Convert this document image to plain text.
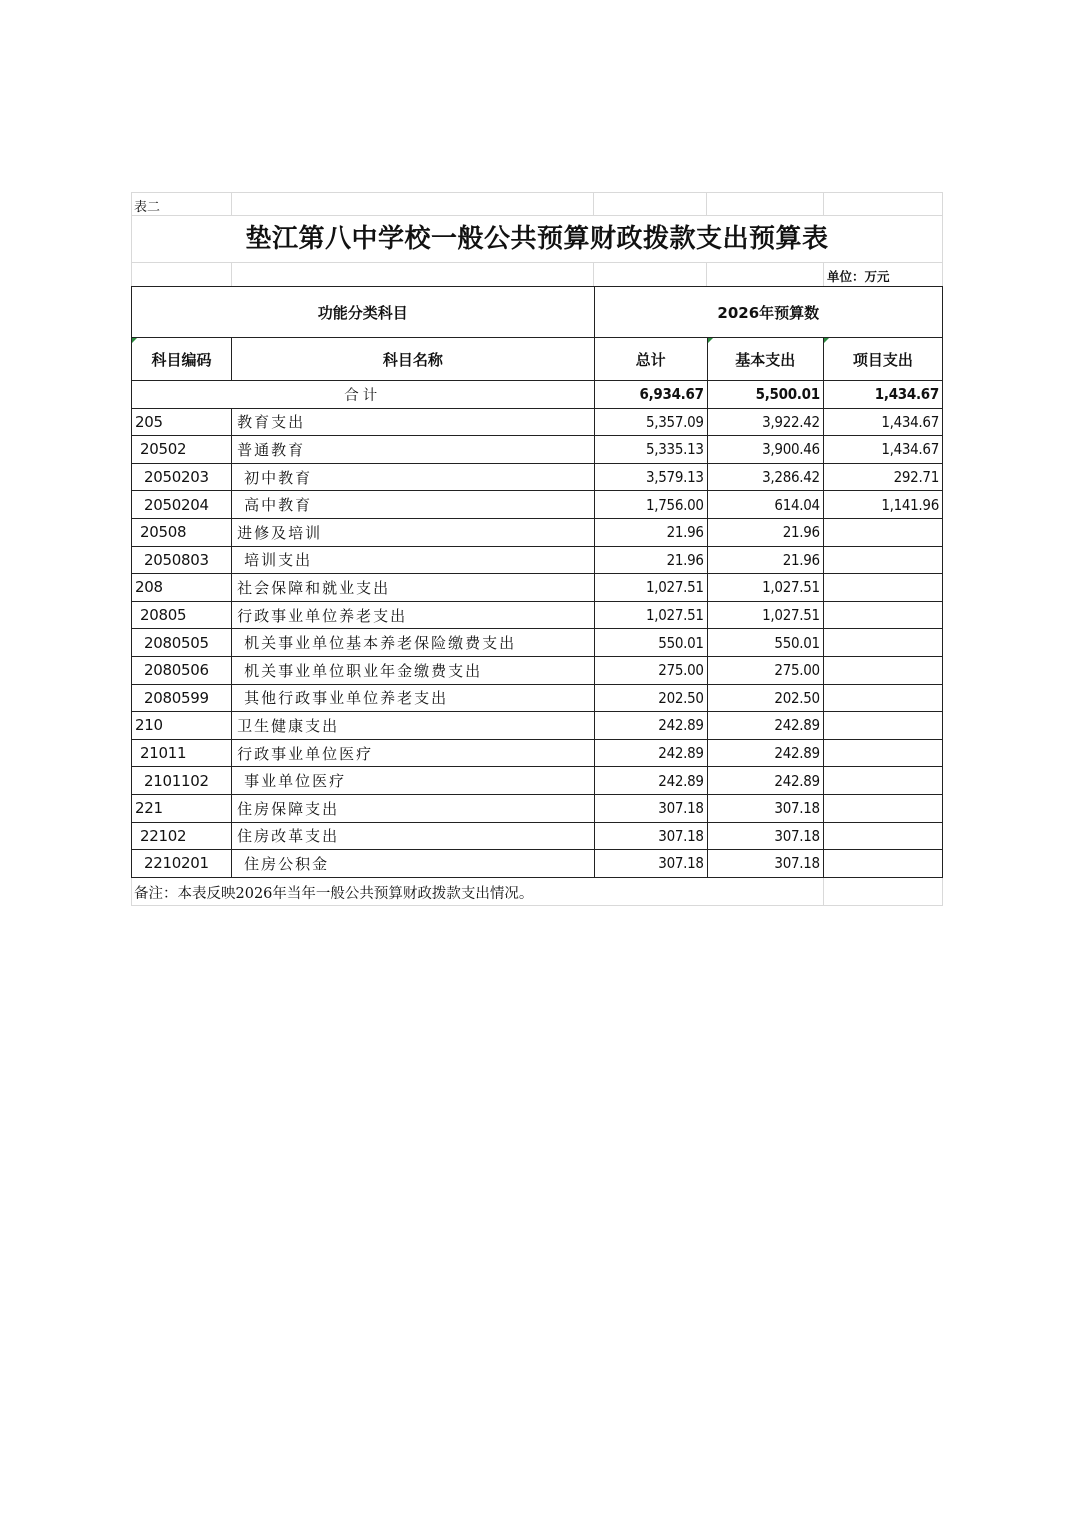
表二
垫江第八中学校一般公共预算财政拨款支出预算表
单位：万元
功能分类科目		2026年预算数		
科目编码	科目名称	总计	基本支出	项目支出
合计		6,934.67	5,500.01	1,434.67
205	教育支出	5,357.09	3,922.42	1,434.67
20502	普通教育	5,335.13	3,900.46	1,434.67
2050203	初中教育	3,579.13	3,286.42	292.71
2050204	高中教育	1,756.00	614.04	1,141.96
20508	进修及培训	21.96	21.96	
2050803	培训支出	21.96	21.96	
208	社会保障和就业支出	1,027.51	1,027.51	
20805	行政事业单位养老支出	1,027.51	1,027.51	
2080505	机关事业单位基本养老保险缴费支出	550.01	550.01	
2080506	机关事业单位职业年金缴费支出	275.00	275.00	
2080599	其他行政事业单位养老支出	202.50	202.50	
210	卫生健康支出	242.89	242.89	
21011	行政事业单位医疗	242.89	242.89	
2101102	事业单位医疗	242.89	242.89	
221	住房保障支出	307.18	307.18	
22102	住房改革支出	307.18	307.18	
2210201	住房公积金	307.18	307.18	
备注：本表反映2026年当年一般公共预算财政拨款支出情况。
